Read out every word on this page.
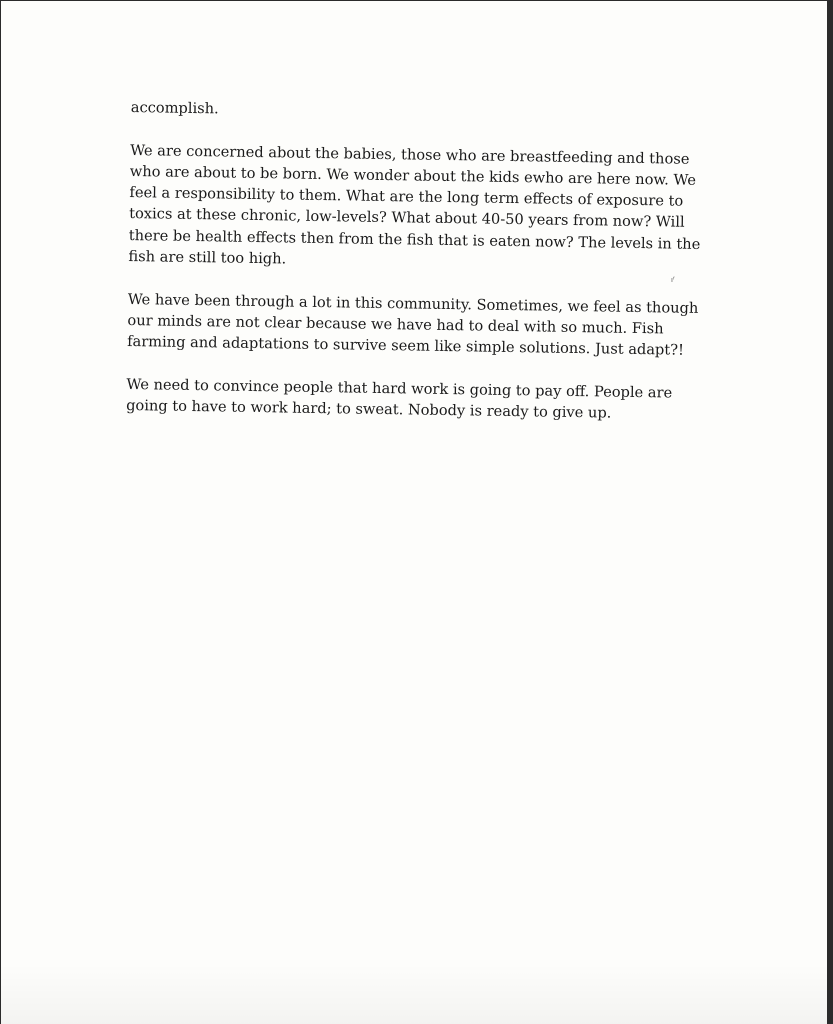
accomplish.

We are concerned about the babies, those who are breastfeeding and those who are about to be born. We wonder about the kids ewho are here now. We feel a responsibility to them. What are the long term effects of exposure to toxics at these chronic, low-levels? What about 40-50 years from now? Will there be health effects then from the fish that is eaten now? The levels in the fish are still too high.

We have been through a lot in this community. Sometimes, we feel as though our minds are not clear because we have had to deal with so much. Fish farming and adaptations to survive seem like simple solutions. Just adapt?!

We need to convince people that hard work is going to pay off. People are going to have to work hard; to sweat. Nobody is ready to give up.

ıᶠ
